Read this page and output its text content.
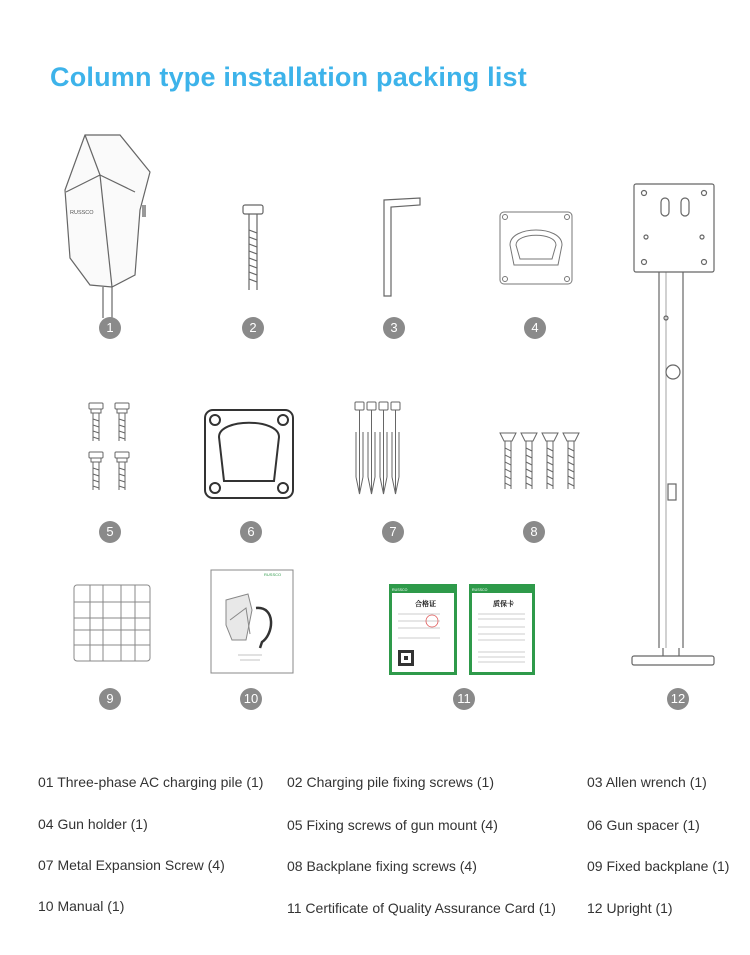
Column type installation packing list
RUSSCO
RUSSCO
RUSSCO
合格证
RUSSCO
质保卡
1	2	3	4
5	6	7	8
9	10	11	12
01 Three-phase AC charging pile (1) 02 Charging pile fixing screws (1)	03 Allen wrench (1)
04 Gun holder (1)	05 Fixing screws of gun mount (4)	06 Gun spacer (1)
07 Metal Expansion Screw (4)	08 Backplane fixing screws (4)	09 Fixed backplane (1)
10 Manual (1)	11 Certificate of Quality Assurance Card (1) 12 Upright (1)
